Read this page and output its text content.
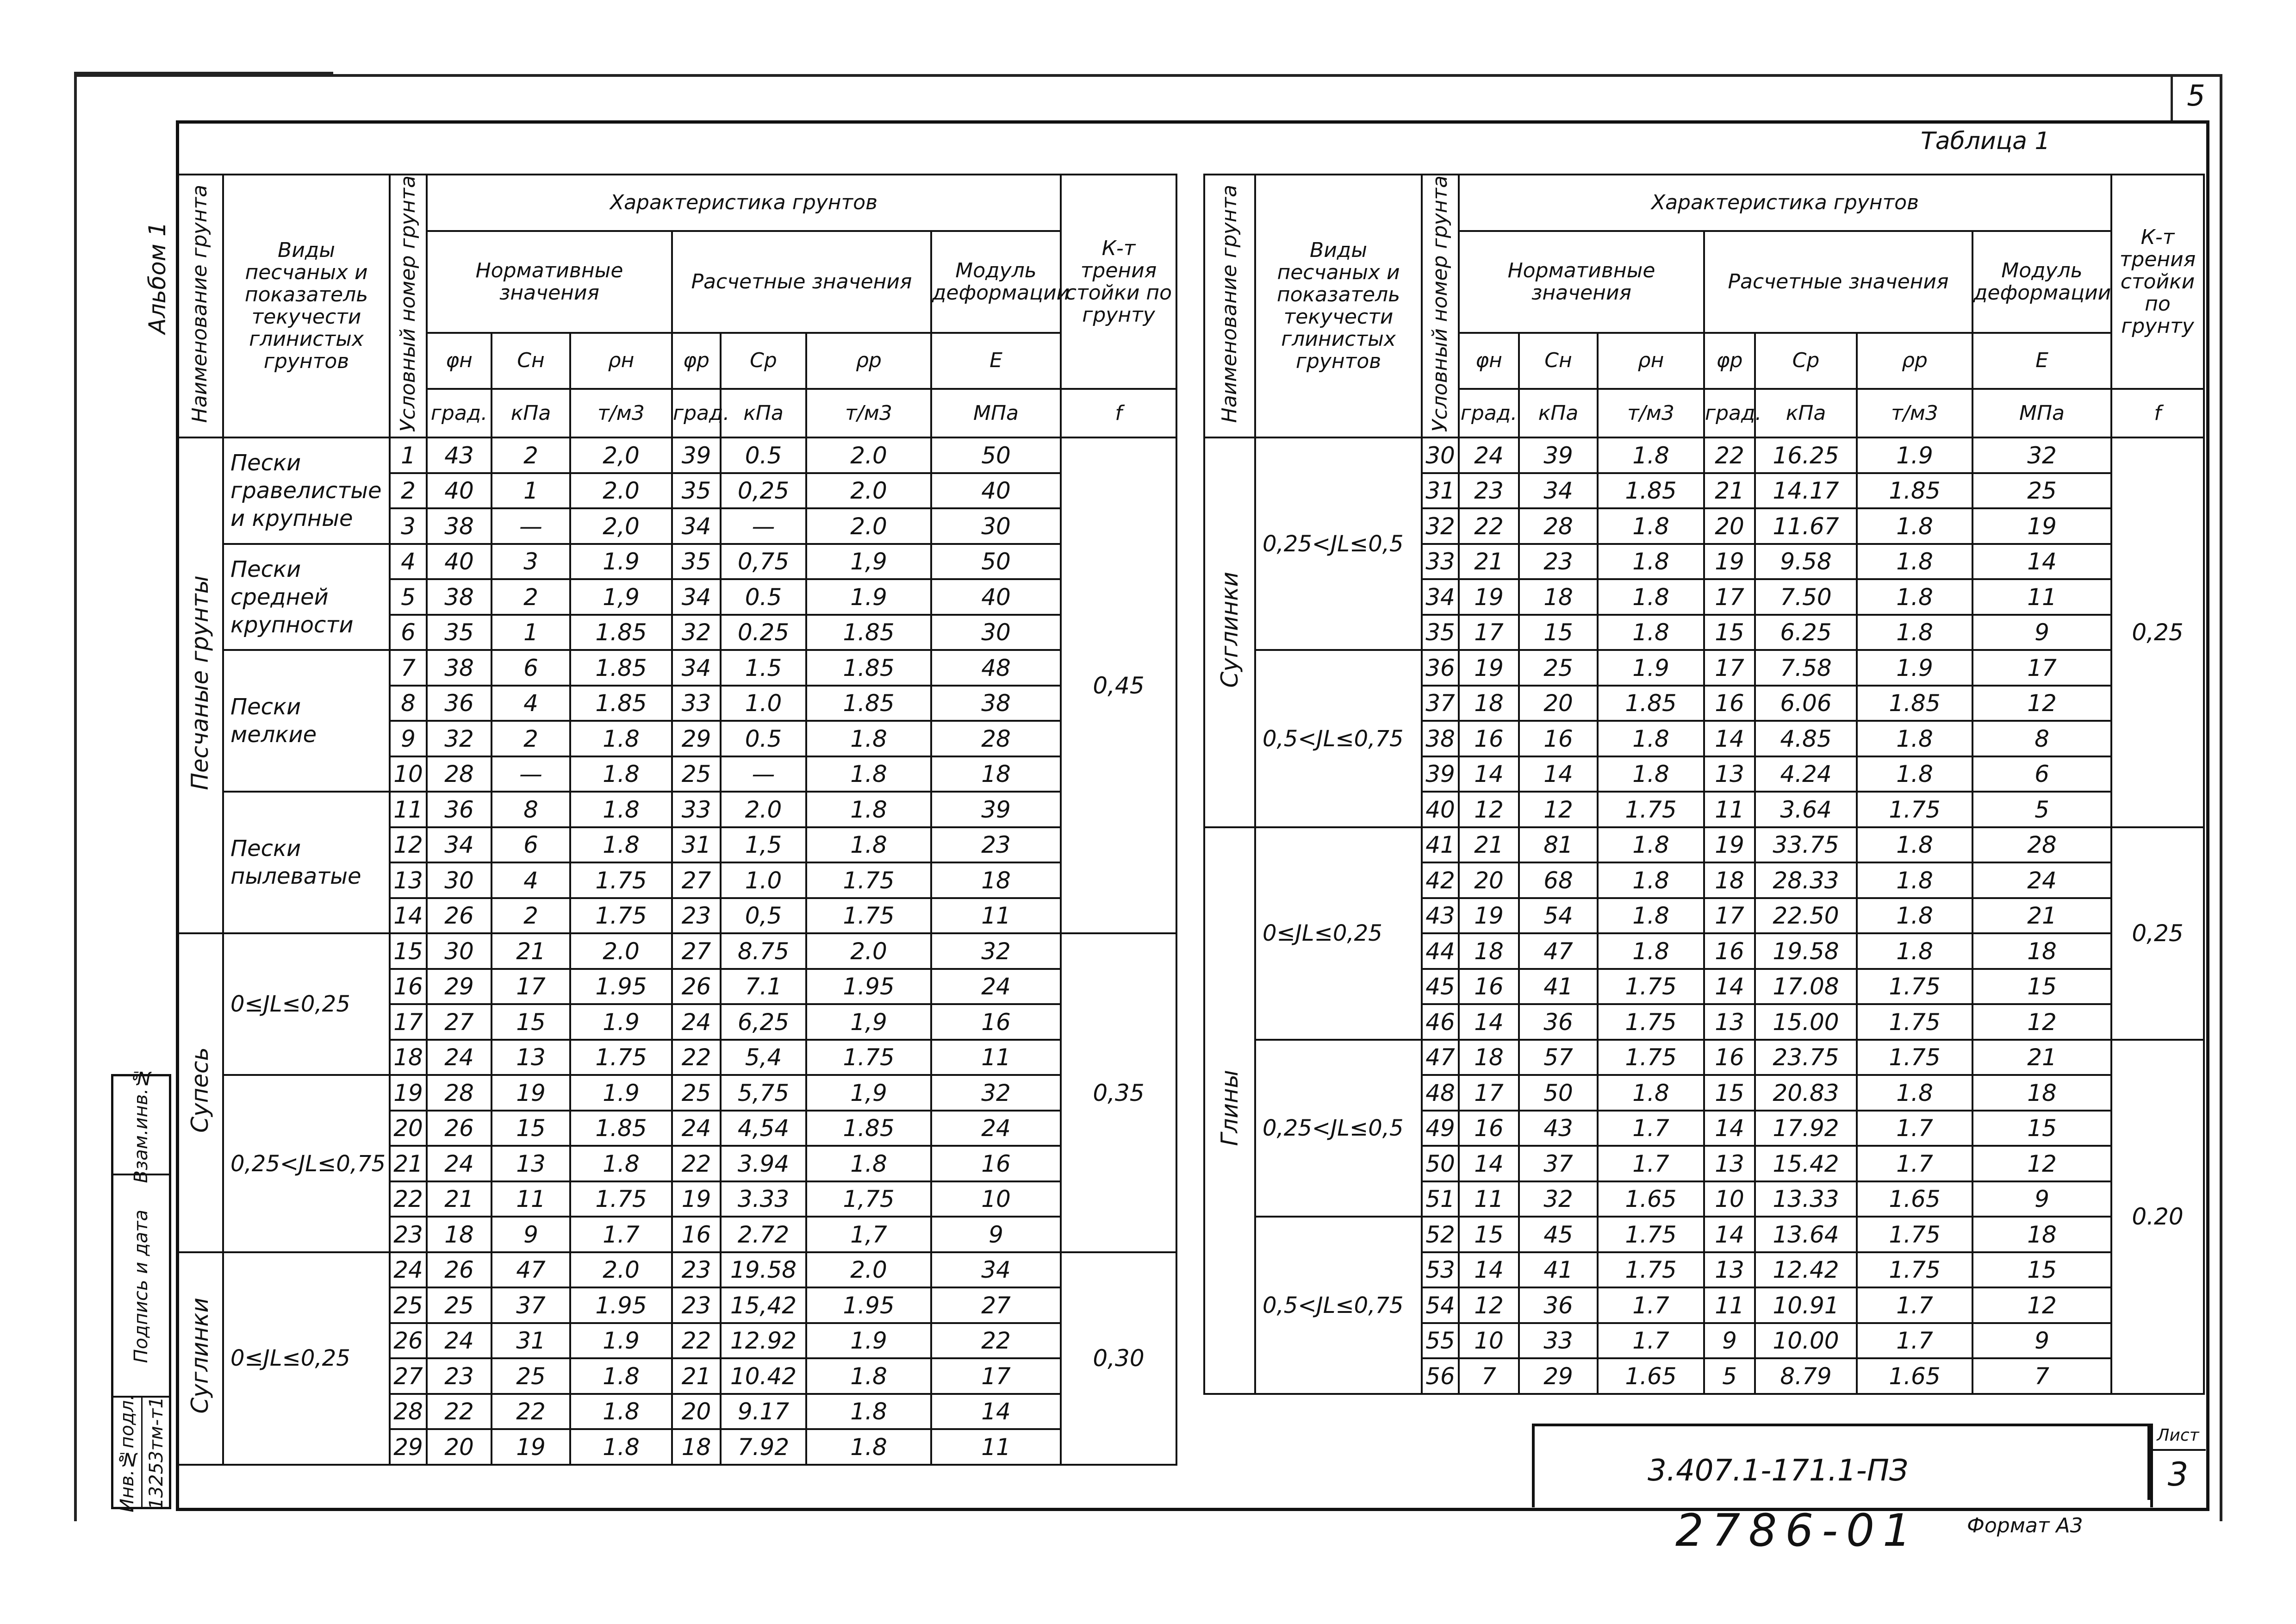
5
Таблица 1
Альбом 1 Наименование грунта	Виды песчаных и показатель текучести глинистых грунтов	Условный номер грунта	Характеристика грунтов							К-т трения стойки по грунту
			Нормативные значения			Расчетные значения			Модуль деформации	
			φн	Сн	ρн	φр	Ср	ρр	Е	
			град.	кПа	т/м3	град.	кПа	т/м3	МПа	f
Песчаные грунты	Пески гравелистые и крупные	1	43	2	2,0	39	0.5	2.0	50	0,45
		2	40	1	2.0	35	0,25	2.0	40	
		3	38	—	2,0	34	—	2.0	30	
	Пески средней крупности	4	40	3	1.9	35	0,75	1,9	50	
		5	38	2	1,9	34	0.5	1.9	40	
		6	35	1	1.85	32	0.25	1.85	30	
	Пески мелкие	7	38	6	1.85	34	1.5	1.85	48	
		8	36	4	1.85	33	1.0	1.85	38	
		9	32	2	1.8	29	0.5	1.8	28	
		10	28	—	1.8	25	—	1.8	18	
	Пески пылеватые	11	36	8	1.8	33	2.0	1.8	39	
		12	34	6	1.8	31	1,5	1.8	23	
		13	30	4	1.75	27	1.0	1.75	18	
		14	26	2	1.75	23	0,5	1.75	11	
Супесь	0≤JL≤0,25	15	30	21	2.0	27	8.75	2.0	32	0,35
		16	29	17	1.95	26	7.1	1.95	24	
		17	27	15	1.9	24	6,25	1,9	16	
		18	24	13	1.75	22	5,4	1.75	11	
	0,25<JL≤0,75	19	28	19	1.9	25	5,75	1,9	32	
		20	26	15	1.85	24	4,54	1.85	24	
		21	24	13	1.8	22	3.94	1.8	16	
		22	21	11	1.75	19	3.33	1,75	10	
		23	18	9	1.7	16	2.72	1,7	9	
Суглинки	0≤JL≤0,25	24	26	47	2.0	23	19.58	2.0	34	0,30
		25	25	37	1.95	23	15,42	1.95	27	
		26	24	31	1.9	22	12.92	1.9	22	
		27	23	25	1.8	21	10.42	1.8	17	
		28	22	22	1.8	20	9.17	1.8	14	
		29	20	19	1.8	18	7.92	1.8	11	
Наименование грунта	Виды песчаных и показатель текучести глинистых грунтов	Условный номер грунта	Характеристика грунтов							К-т трения стойки по грунту
			Нормативные значения			Расчетные значения			Модуль деформации	
			φн	Сн	ρн	φр	Ср	ρр	Е	
			град.	кПа	т/м3	град.	кПа	т/м3	МПа	f
Суглинки	0,25<JL≤0,5	30	24	39	1.8	22	16.25	1.9	32	0,25
		31	23	34	1.85	21	14.17	1.85	25	
		32	22	28	1.8	20	11.67	1.8	19	
		33	21	23	1.8	19	9.58	1.8	14	
		34	19	18	1.8	17	7.50	1.8	11	
		35	17	15	1.8	15	6.25	1.8	9	
	0,5<JL≤0,75	36	19	25	1.9	17	7.58	1.9	17	
		37	18	20	1.85	16	6.06	1.85	12	
		38	16	16	1.8	14	4.85	1.8	8	
		39	14	14	1.8	13	4.24	1.8	6	
		40	12	12	1.75	11	3.64	1.75	5	
Глины	0≤JL≤0,25	41	21	81	1.8	19	33.75	1.8	28	0,25
		42	20	68	1.8	18	28.33	1.8	24	
		43	19	54	1.8	17	22.50	1.8	21	
		44	18	47	1.8	16	19.58	1.8	18	
		45	16	41	1.75	14	17.08	1.75	15	
		46	14	36	1.75	13	15.00	1.75	12	
	0,25<JL≤0,5	47	18	57	1.75	16	23.75	1.75	21	0.20
		48	17	50	1.8	15	20.83	1.8	18	
		49	16	43	1.7	14	17.92	1.7	15	
		50	14	37	1.7	13	15.42	1.7	12	
		51	11	32	1.65	10	13.33	1.65	9	
	0,5<JL≤0,75	52	15	45	1.75	14	13.64	1.75	18	
		53	14	41	1.75	13	12.42	1.75	15	
		54	12	36	1.7	11	10.91	1.7	12	
		55	10	33	1.7	9	10.00	1.7	9	
		56	7	29	1.65	5	8.79	1.65	7	
Взам.инв.№
Подпись и дата
Инв.№подл. 13253тм-т1	3.407.1-171.1-ПЗ
Лист
3
2786-01 Формат А3
